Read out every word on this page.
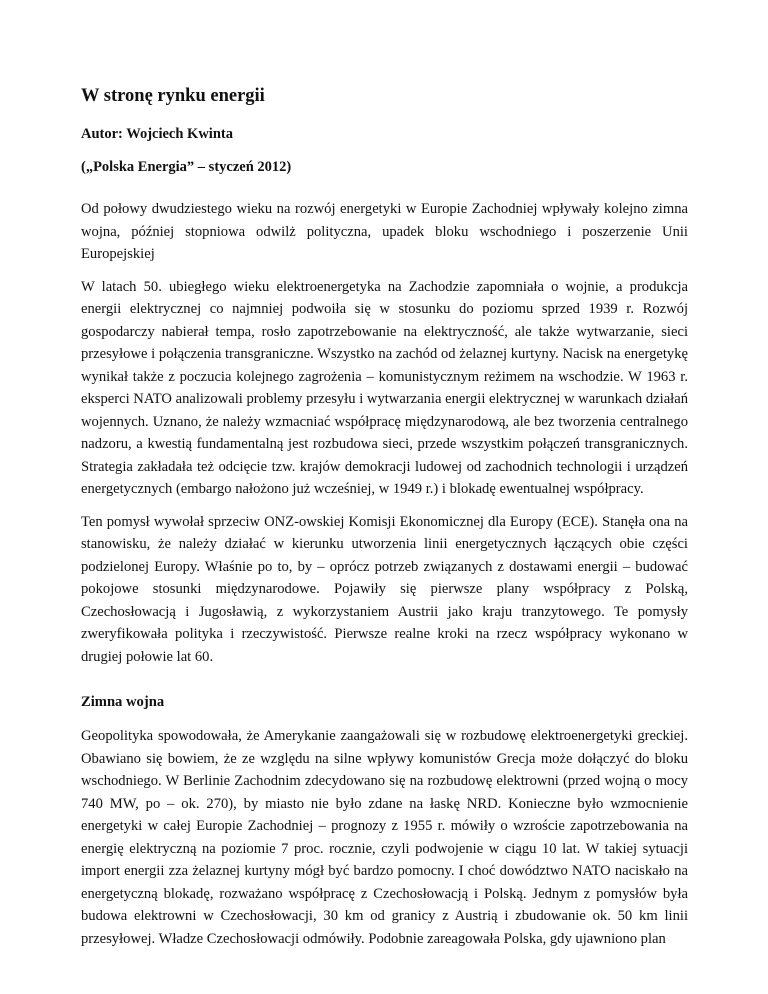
W stronę rynku energii
Autor: Wojciech Kwinta
(„Polska Energia” – styczeń 2012)

Od połowy dwudziestego wieku na rozwój energetyki w Europie Zachodniej wpływały kolejno zimna wojna, później stopniowa odwilż polityczna, upadek bloku wschodniego i poszerzenie Unii Europejskiej

W latach 50. ubiegłego wieku elektroenergetyka na Zachodzie zapomniała o wojnie, a produkcja energii elektrycznej co najmniej podwoiła się w stosunku do poziomu sprzed 1939 r. Rozwój gospodarczy nabierał tempa, rosło zapotrzebowanie na elektryczność, ale także wytwarzanie, sieci przesyłowe i połączenia transgraniczne. Wszystko na zachód od żelaznej kurtyny. Nacisk na energetykę wynikał także z poczucia kolejnego zagrożenia – komunistycznym reżimem na wschodzie. W 1963 r. eksperci NATO analizowali problemy przesyłu i wytwarzania energii elektrycznej w warunkach działań wojennych. Uznano, że należy wzmacniać współpracę międzynarodową, ale bez tworzenia centralnego nadzoru, a kwestią fundamentalną jest rozbudowa sieci, przede wszystkim połączeń transgranicznych. Strategia zakładała też odcięcie tzw. krajów demokracji ludowej od zachodnich technologii i urządzeń energetycznych (embargo nałożono już wcześniej, w 1949 r.) i blokadę ewentualnej współpracy.

Ten pomysł wywołał sprzeciw ONZ-owskiej Komisji Ekonomicznej dla Europy (ECE). Stanęła ona na stanowisku, że należy działać w kierunku utworzenia linii energetycznych łączących obie części podzielonej Europy. Właśnie po to, by – oprócz potrzeb związanych z dostawami energii – budować pokojowe stosunki międzynarodowe. Pojawiły się pierwsze plany współpracy z Polską, Czechosłowacją i Jugosławią, z wykorzystaniem Austrii jako kraju tranzytowego. Te pomysły zweryfikowała polityka i rzeczywistość. Pierwsze realne kroki na rzecz współpracy wykonano w drugiej połowie lat 60.

Zimna wojna

Geopolityka spowodowała, że Amerykanie zaangażowali się w rozbudowę elektroenergetyki greckiej. Obawiano się bowiem, że ze względu na silne wpływy komunistów Grecja może dołączyć do bloku wschodniego. W Berlinie Zachodnim zdecydowano się na rozbudowę elektrowni (przed wojną o mocy 740 MW, po – ok. 270), by miasto nie było zdane na łaskę NRD. Konieczne było wzmocnienie energetyki w całej Europie Zachodniej – prognozy z 1955 r. mówiły o wzroście zapotrzebowania na energię elektryczną na poziomie 7 proc. rocznie, czyli podwojenie w ciągu 10 lat. W takiej sytuacji import energii zza żelaznej kurtyny mógł być bardzo pomocny. I choć dowództwo NATO naciskało na energetyczną blokadę, rozważano współpracę z Czechosłowacją i Polską. Jednym z pomysłów była budowa elektrowni w Czechosłowacji, 30 km od granicy z Austrią i zbudowanie ok. 50 km linii przesyłowej. Władze Czechosłowacji odmówiły. Podobnie zareagowała Polska, gdy ujawniono plan
